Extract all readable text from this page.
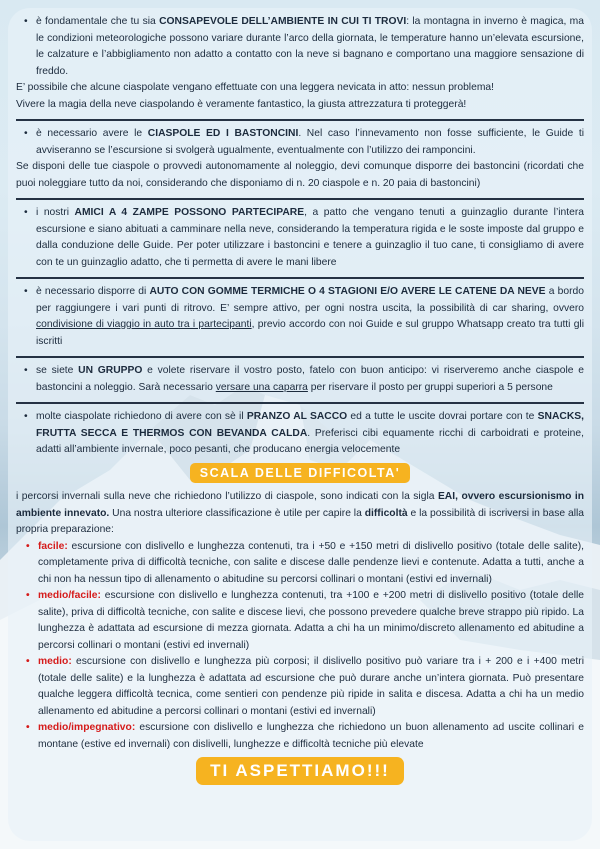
• è fondamentale che tu sia CONSAPEVOLE DELL’AMBIENTE IN CUI TI TROVI: la montagna in inverno è magica, ma le condizioni meteorologiche possono variare durante l’arco della giornata, le temperature hanno un’elevata escursione, le calzature e l’abbigliamento non adatto a contatto con la neve si bagnano e comportano una maggiore sensazione di freddo.

E’ possibile che alcune ciaspolate vengano effettuate con una leggera nevicata in atto: nessun problema!

Vivere la magia della neve ciaspolando è veramente fantastico, la giusta attrezzatura ti proteggerà!

• è necessario avere le CIASPOLE ED I BASTONCINI. Nel caso l’innevamento non fosse sufficiente, le Guide ti avviseranno se l’escursione si svolgerà ugualmente, eventualmente con l’utilizzo dei ramponcini.

Se disponi delle tue ciaspole o provvedi autonomamente al noleggio, devi comunque disporre dei bastoncini (ricordati che puoi noleggiare tutto da noi, considerando che disponiamo di n. 20 ciaspole e n. 20 paia di bastoncini)

• i nostri AMICI A 4 ZAMPE POSSONO PARTECIPARE, a patto che vengano tenuti a guinzaglio durante l’intera escursione e siano abituati a camminare nella neve, considerando la temperatura rigida e le soste imposte dal gruppo e dalla conduzione delle Guide. Per poter utilizzare i bastoncini e tenere a guinzaglio il tuo cane, ti consigliamo di avere con te un guinzaglio adatto, che ti permetta di avere le mani libere

• è necessario disporre di AUTO CON GOMME TERMICHE O 4 STAGIONI E/O AVERE LE CATENE DA NEVE a bordo per raggiungere i vari punti di ritrovo. E’ sempre attivo, per ogni nostra uscita, la possibilità di car sharing, ovvero condivisione di viaggio in auto tra i partecipanti, previo accordo con noi Guide e sul gruppo Whatsapp creato tra tutti gli iscritti

• se siete UN GRUPPO e volete riservare il vostro posto, fatelo con buon anticipo: vi riserveremo anche ciaspole e bastoncini a noleggio. Sarà necessario versare una caparra per riservare il posto per gruppi superiori a 5 persone

• molte ciaspolate richiedono di avere con sè il PRANZO AL SACCO ed a tutte le uscite dovrai portare con te SNACKS, FRUTTA SECCA E THERMOS CON BEVANDA CALDA. Preferisci cibi equamente ricchi di carboidrati e proteine, adatti all’ambiente invernale, poco pesanti, che producano energia velocemente

SCALA DELLE DIFFICOLTA'

i percorsi invernali sulla neve che richiedono l’utilizzo di ciaspole, sono indicati con la sigla EAI, ovvero escursionismo in ambiente innevato. Una nostra ulteriore classificazione è utile per capire la difficoltà e la possibilità di iscriversi in base alla propria preparazione:

• facile: escursione con dislivello e lunghezza contenuti, tra i +50 e +150 metri di dislivello positivo (totale delle salite), completamente priva di difficoltà tecniche, con salite e discese dalle pendenze lievi e contenute. Adatta a tutti, anche a chi non ha nessun tipo di allenamento o abitudine su percorsi collinari o montani (estivi ed invernali)

• medio/facile: escursione con dislivello e lunghezza contenuti, tra +100 e +200 metri di dislivello positivo (totale delle salite), priva di difficoltà tecniche, con salite e discese lievi, che possono prevedere qualche breve strappo più ripido. La lunghezza è adattata ad escursione di mezza giornata. Adatta a chi ha un minimo/discreto allenamento ed abitudine a percorsi collinari o montani (estivi ed invernali)

• medio: escursione con dislivello e lunghezza più corposi; il dislivello positivo può variare tra i + 200 e i +400 metri (totale delle salite) e la lunghezza è adattata ad escursione che può durare anche un’intera giornata. Può presentare qualche leggera difficoltà tecnica, come sentieri con pendenze più ripide in salita e discesa. Adatta a chi ha un medio allenamento ed abitudine a percorsi collinari o montani (estivi ed invernali)

• medio/impegnativo: escursione con dislivello e lunghezza che richiedono un buon allenamento ad uscite collinari e montane (estive ed invernali) con dislivelli, lunghezze e difficoltà tecniche più elevate

TI ASPETTIAMO!!!
